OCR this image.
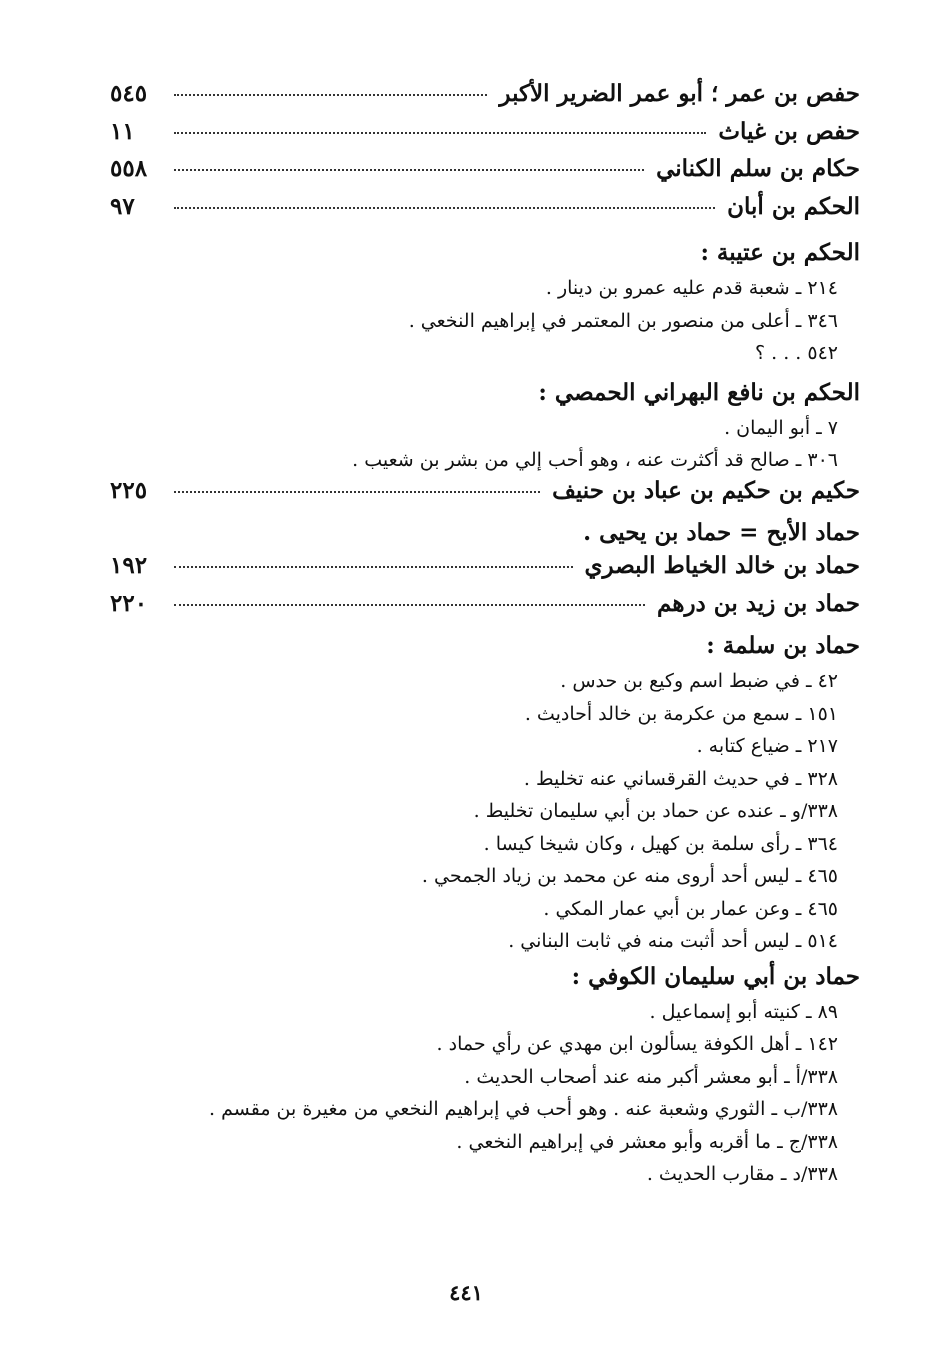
حفص بن عمر ؛ أبو عمر الضرير الأكبر
٥٤٥
حفص بن غياث
١١
حكام بن سلم الكناني
٥٥٨
الحكم بن أبان
٩٧
الحكم بن عتيبة :
٢١٤ ـ شعبة قدم عليه عمرو بن دينار .
٣٤٦ ـ أعلى من منصور بن المعتمر في إبراهيم النخعي .
٥٤٢ . . . ؟
الحكم بن نافع البهراني الحمصي :
٧ ـ أبو اليمان .
٣٠٦ ـ صالح قد أكثرت عنه ، وهو أحب إلي من بشر بن شعيب .
حكيم بن حكيم بن عباد بن حنيف
٢٢٥
حماد الأبح = حماد بن يحيى .
حماد بن خالد الخياط البصري
١٩٢
حماد بن زيد بن درهم
٢٢٠
حماد بن سلمة :
٤٢ ـ في ضبط اسم وكيع بن حدس .
١٥١ ـ سمع من عكرمة بن خالد أحاديث .
٢١٧ ـ ضياع كتابه .
٣٢٨ ـ في حديث القرقساني عنه تخليط .
٣٣٨/و ـ عنده عن حماد بن أبي سليمان تخليط .
٣٦٤ ـ رأى سلمة بن كهيل ، وكان شيخا كيسا .
٤٦٥ ـ ليس أحد أروى منه عن محمد بن زياد الجمحي .
٤٦٥ ـ وعن عمار بن أبي عمار المكي .
٥١٤ ـ ليس أحد أثبت منه في ثابت البناني .
حماد بن أبي سليمان الكوفي :
٨٩ ـ كنيته أبو إسماعيل .
١٤٢ ـ أهل الكوفة يسألون ابن مهدي عن رأي حماد .
٣٣٨/أ ـ أبو معشر أكبر منه عند أصحاب الحديث .
٣٣٨/ب ـ الثوري وشعبة عنه . وهو أحب في إبراهيم النخعي من مغيرة بن مقسم .
٣٣٨/ج ـ ما أقربه وأبو معشر في إبراهيم النخعي .
٣٣٨/د ـ مقارب الحديث .
٤٤١
